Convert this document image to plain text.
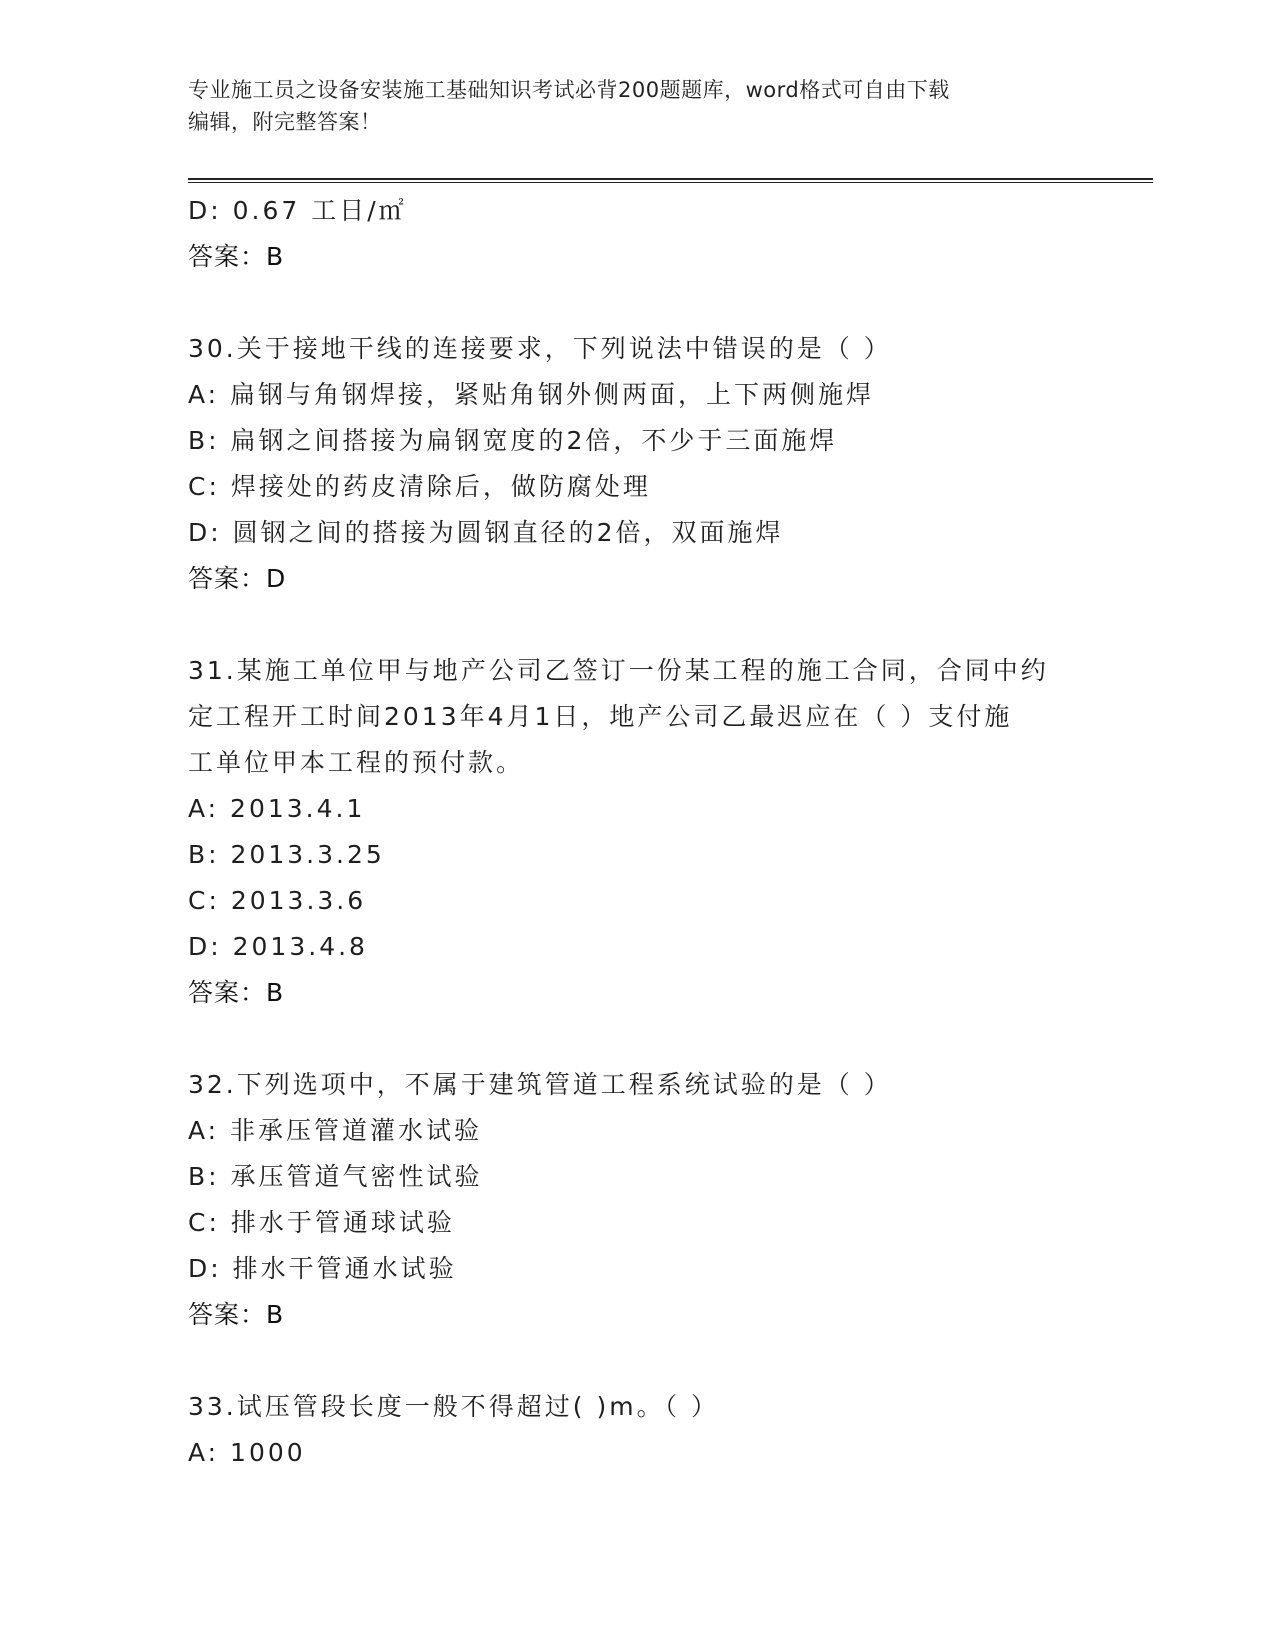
专业施工员之设备安装施工基础知识考试必背200题题库，word格式可自由下载
编辑，附完整答案！
D: 0.67 工日/㎡
答案：B
30.关于接地干线的连接要求，下列说法中错误的是（ ）
A: 扁钢与角钢焊接，紧贴角钢外侧两面，上下两侧施焊
B: 扁钢之间搭接为扁钢宽度的2倍，不少于三面施焊
C: 焊接处的药皮清除后，做防腐处理
D: 圆钢之间的搭接为圆钢直径的2倍，双面施焊
答案：D
31.某施工单位甲与地产公司乙签订一份某工程的施工合同，合同中约
定工程开工时间2013年4月1日，地产公司乙最迟应在（ ）支付施
工单位甲本工程的预付款。
A: 2013.4.1
B: 2013.3.25
C: 2013.3.6
D: 2013.4.8
答案：B
32.下列选项中，不属于建筑管道工程系统试验的是（ ）
A: 非承压管道灌水试验
B: 承压管道气密性试验
C: 排水于管通球试验
D: 排水干管通水试验
答案：B
33.试压管段长度一般不得超过( )m。（ ）
A: 1000
